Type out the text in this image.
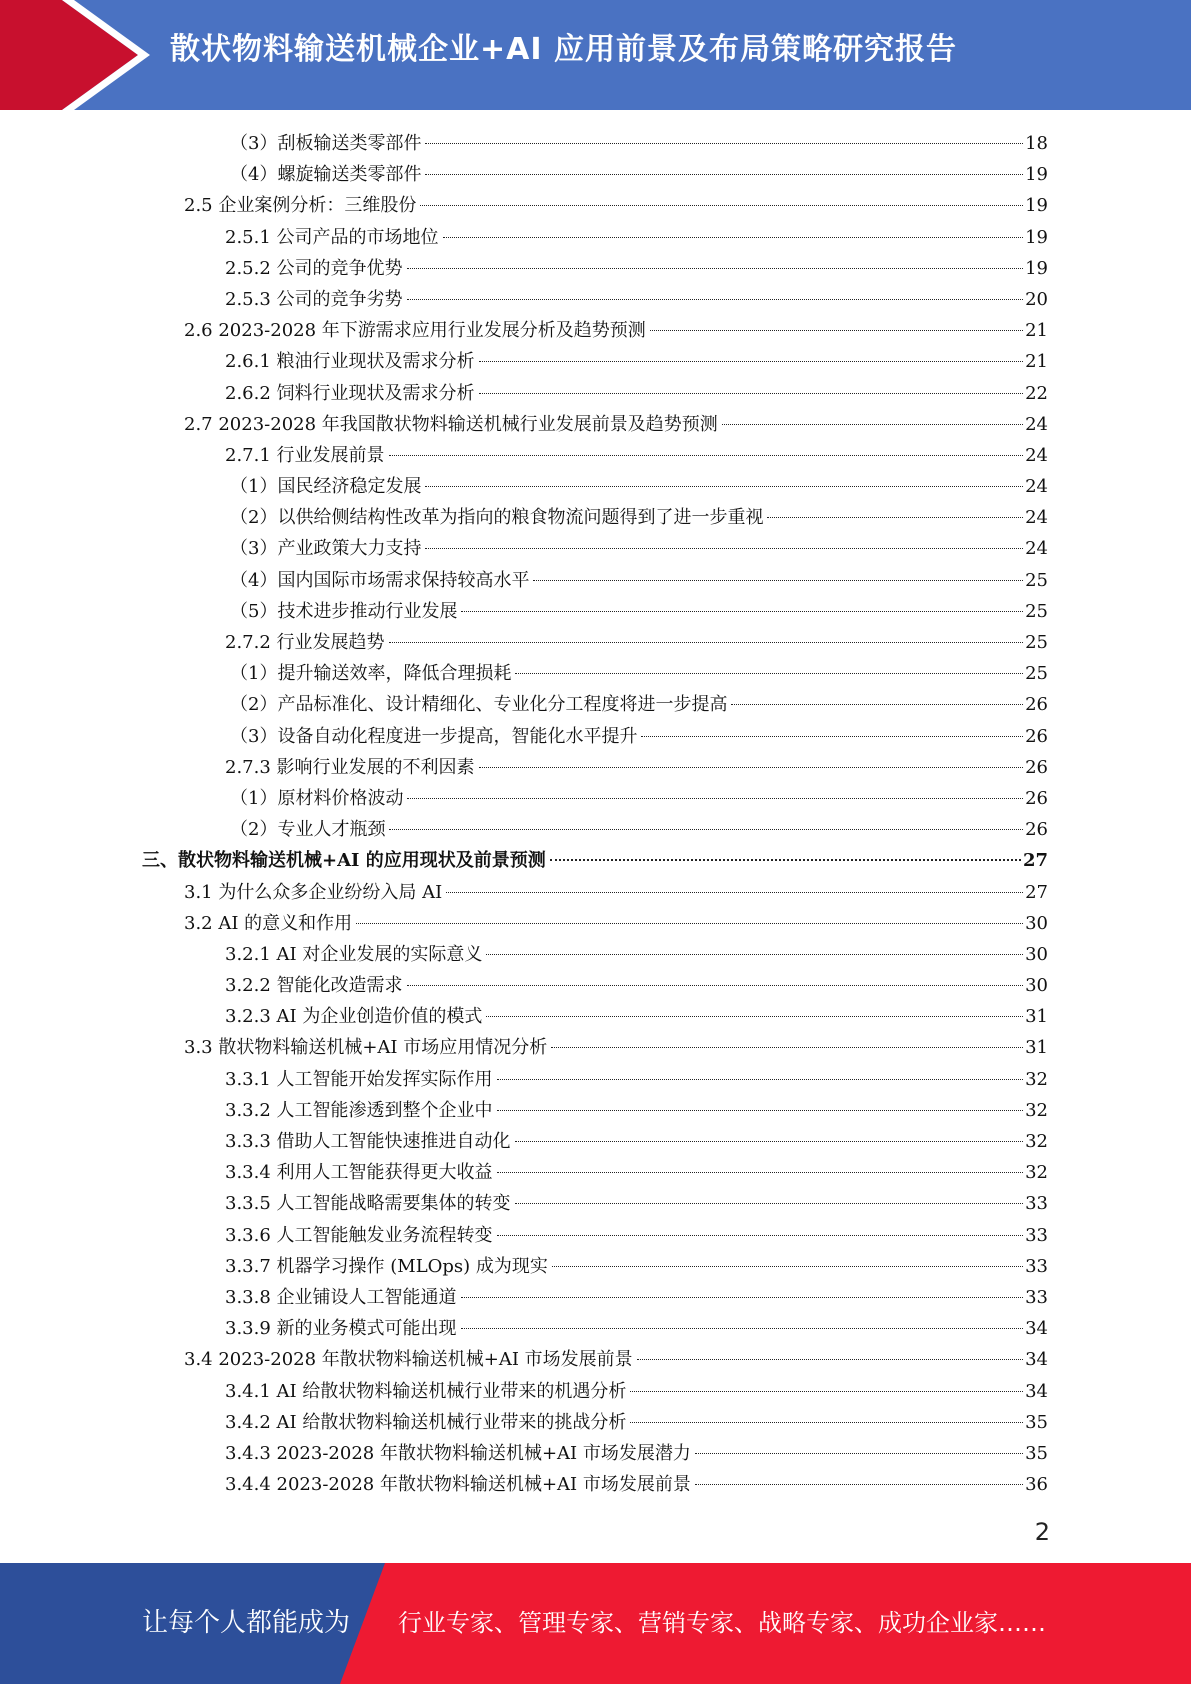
散状物料输送机械企业+AI 应用前景及布局策略研究报告
（3）刮板输送类零部件	18
（4）螺旋输送类零部件	19
2.5 企业案例分析：三维股份	19
2.5.1 公司产品的市场地位	19
2.5.2 公司的竞争优势	19
2.5.3 公司的竞争劣势	20
2.6 2023-2028 年下游需求应用行业发展分析及趋势预测	21
2.6.1 粮油行业现状及需求分析	21
2.6.2 饲料行业现状及需求分析	22
2.7 2023-2028 年我国散状物料输送机械行业发展前景及趋势预测	24
2.7.1 行业发展前景	24
（1）国民经济稳定发展	24
（2）以供给侧结构性改革为指向的粮食物流问题得到了进一步重视	24
（3）产业政策大力支持	24
（4）国内国际市场需求保持较高水平	25
（5）技术进步推动行业发展	25
2.7.2 行业发展趋势	25
（1）提升输送效率，降低合理损耗	25
（2）产品标准化、设计精细化、专业化分工程度将进一步提高	26
（3）设备自动化程度进一步提高，智能化水平提升	26
2.7.3 影响行业发展的不利因素	26
（1）原材料价格波动	26
（2）专业人才瓶颈	26
三、散状物料输送机械+AI 的应用现状及前景预测	27
3.1 为什么众多企业纷纷入局 AI	27
3.2 AI 的意义和作用	30
3.2.1 AI 对企业发展的实际意义	30
3.2.2 智能化改造需求	30
3.2.3 AI 为企业创造价值的模式	31
3.3 散状物料输送机械+AI 市场应用情况分析	31
3.3.1 人工智能开始发挥实际作用	32
3.3.2 人工智能渗透到整个企业中	32
3.3.3 借助人工智能快速推进自动化	32
3.3.4 利用人工智能获得更大收益	32
3.3.5 人工智能战略需要集体的转变	33
3.3.6 人工智能触发业务流程转变	33
3.3.7 机器学习操作 (MLOps) 成为现实	33
3.3.8 企业铺设人工智能通道	33
3.3.9 新的业务模式可能出现	34
3.4 2023-2028 年散状物料输送机械+AI 市场发展前景	34
3.4.1 AI 给散状物料输送机械行业带来的机遇分析	34
3.4.2 AI 给散状物料输送机械行业带来的挑战分析	35
3.4.3 2023-2028 年散状物料输送机械+AI 市场发展潜力	35
3.4.4 2023-2028 年散状物料输送机械+AI 市场发展前景	36
2
让每个人都能成为 行业专家、管理专家、营销专家、战略专家、成功企业家……
